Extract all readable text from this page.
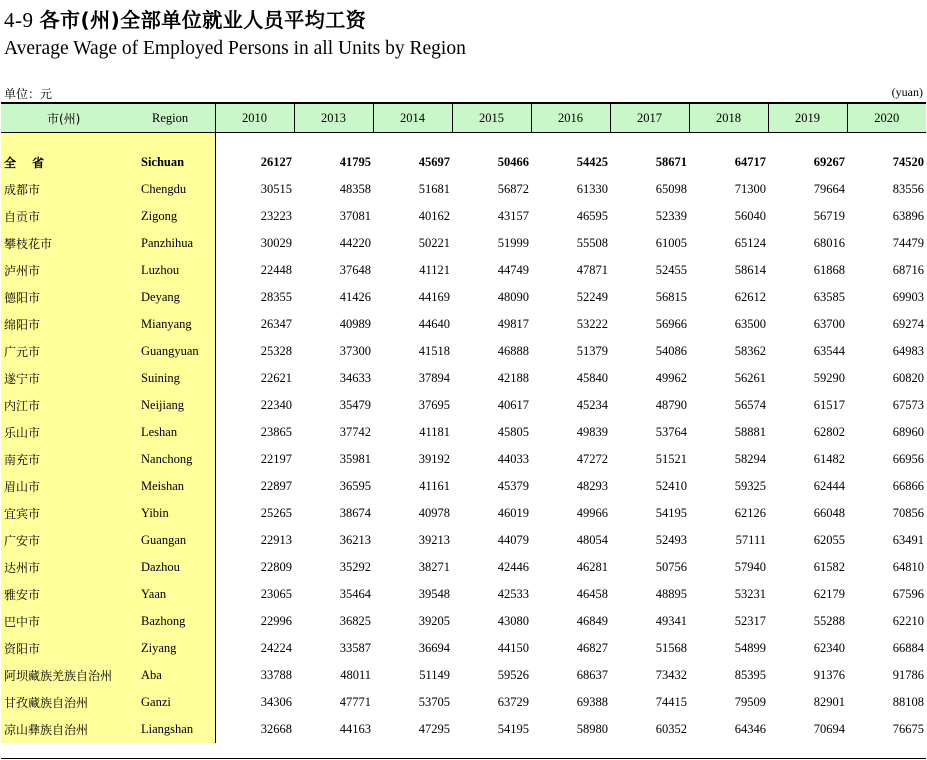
4-9 各市(州)全部单位就业人员平均工资
Average Wage of Employed Persons in all Units by Region
单位：元	(yuan)
市(州)	Region	2010	2013	2014	2015	2016	2017	2018	2019	2020

全 省	Sichuan	26127	41795	45697	50466	54425	58671	64717	69267	74520
成都市	Chengdu	30515	48358	51681	56872	61330	65098	71300	79664	83556
自贡市	Zigong	23223	37081	40162	43157	46595	52339	56040	56719	63896
攀枝花市	Panzhihua	30029	44220	50221	51999	55508	61005	65124	68016	74479
泸州市	Luzhou	22448	37648	41121	44749	47871	52455	58614	61868	68716
德阳市	Deyang	28355	41426	44169	48090	52249	56815	62612	63585	69903
绵阳市	Mianyang	26347	40989	44640	49817	53222	56966	63500	63700	69274
广元市	Guangyuan	25328	37300	41518	46888	51379	54086	58362	63544	64983
遂宁市	Suining	22621	34633	37894	42188	45840	49962	56261	59290	60820
内江市	Neijiang	22340	35479	37695	40617	45234	48790	56574	61517	67573
乐山市	Leshan	23865	37742	41181	45805	49839	53764	58881	62802	68960
南充市	Nanchong	22197	35981	39192	44033	47272	51521	58294	61482	66956
眉山市	Meishan	22897	36595	41161	45379	48293	52410	59325	62444	66866
宜宾市	Yibin	25265	38674	40978	46019	49966	54195	62126	66048	70856
广安市	Guangan	22913	36213	39213	44079	48054	52493	57111	62055	63491
达州市	Dazhou	22809	35292	38271	42446	46281	50756	57940	61582	64810
雅安市	Yaan	23065	35464	39548	42533	46458	48895	53231	62179	67596
巴中市	Bazhong	22996	36825	39205	43080	46849	49341	52317	55288	62210
资阳市	Ziyang	24224	33587	36694	44150	46827	51568	54899	62340	66884
阿坝藏族羌族自治州	Aba	33788	48011	51149	59526	68637	73432	85395	91376	91786
甘孜藏族自治州	Ganzi	34306	47771	53705	63729	69388	74415	79509	82901	88108
凉山彝族自治州	Liangshan	32668	44163	47295	54195	58980	60352	64346	70694	76675
